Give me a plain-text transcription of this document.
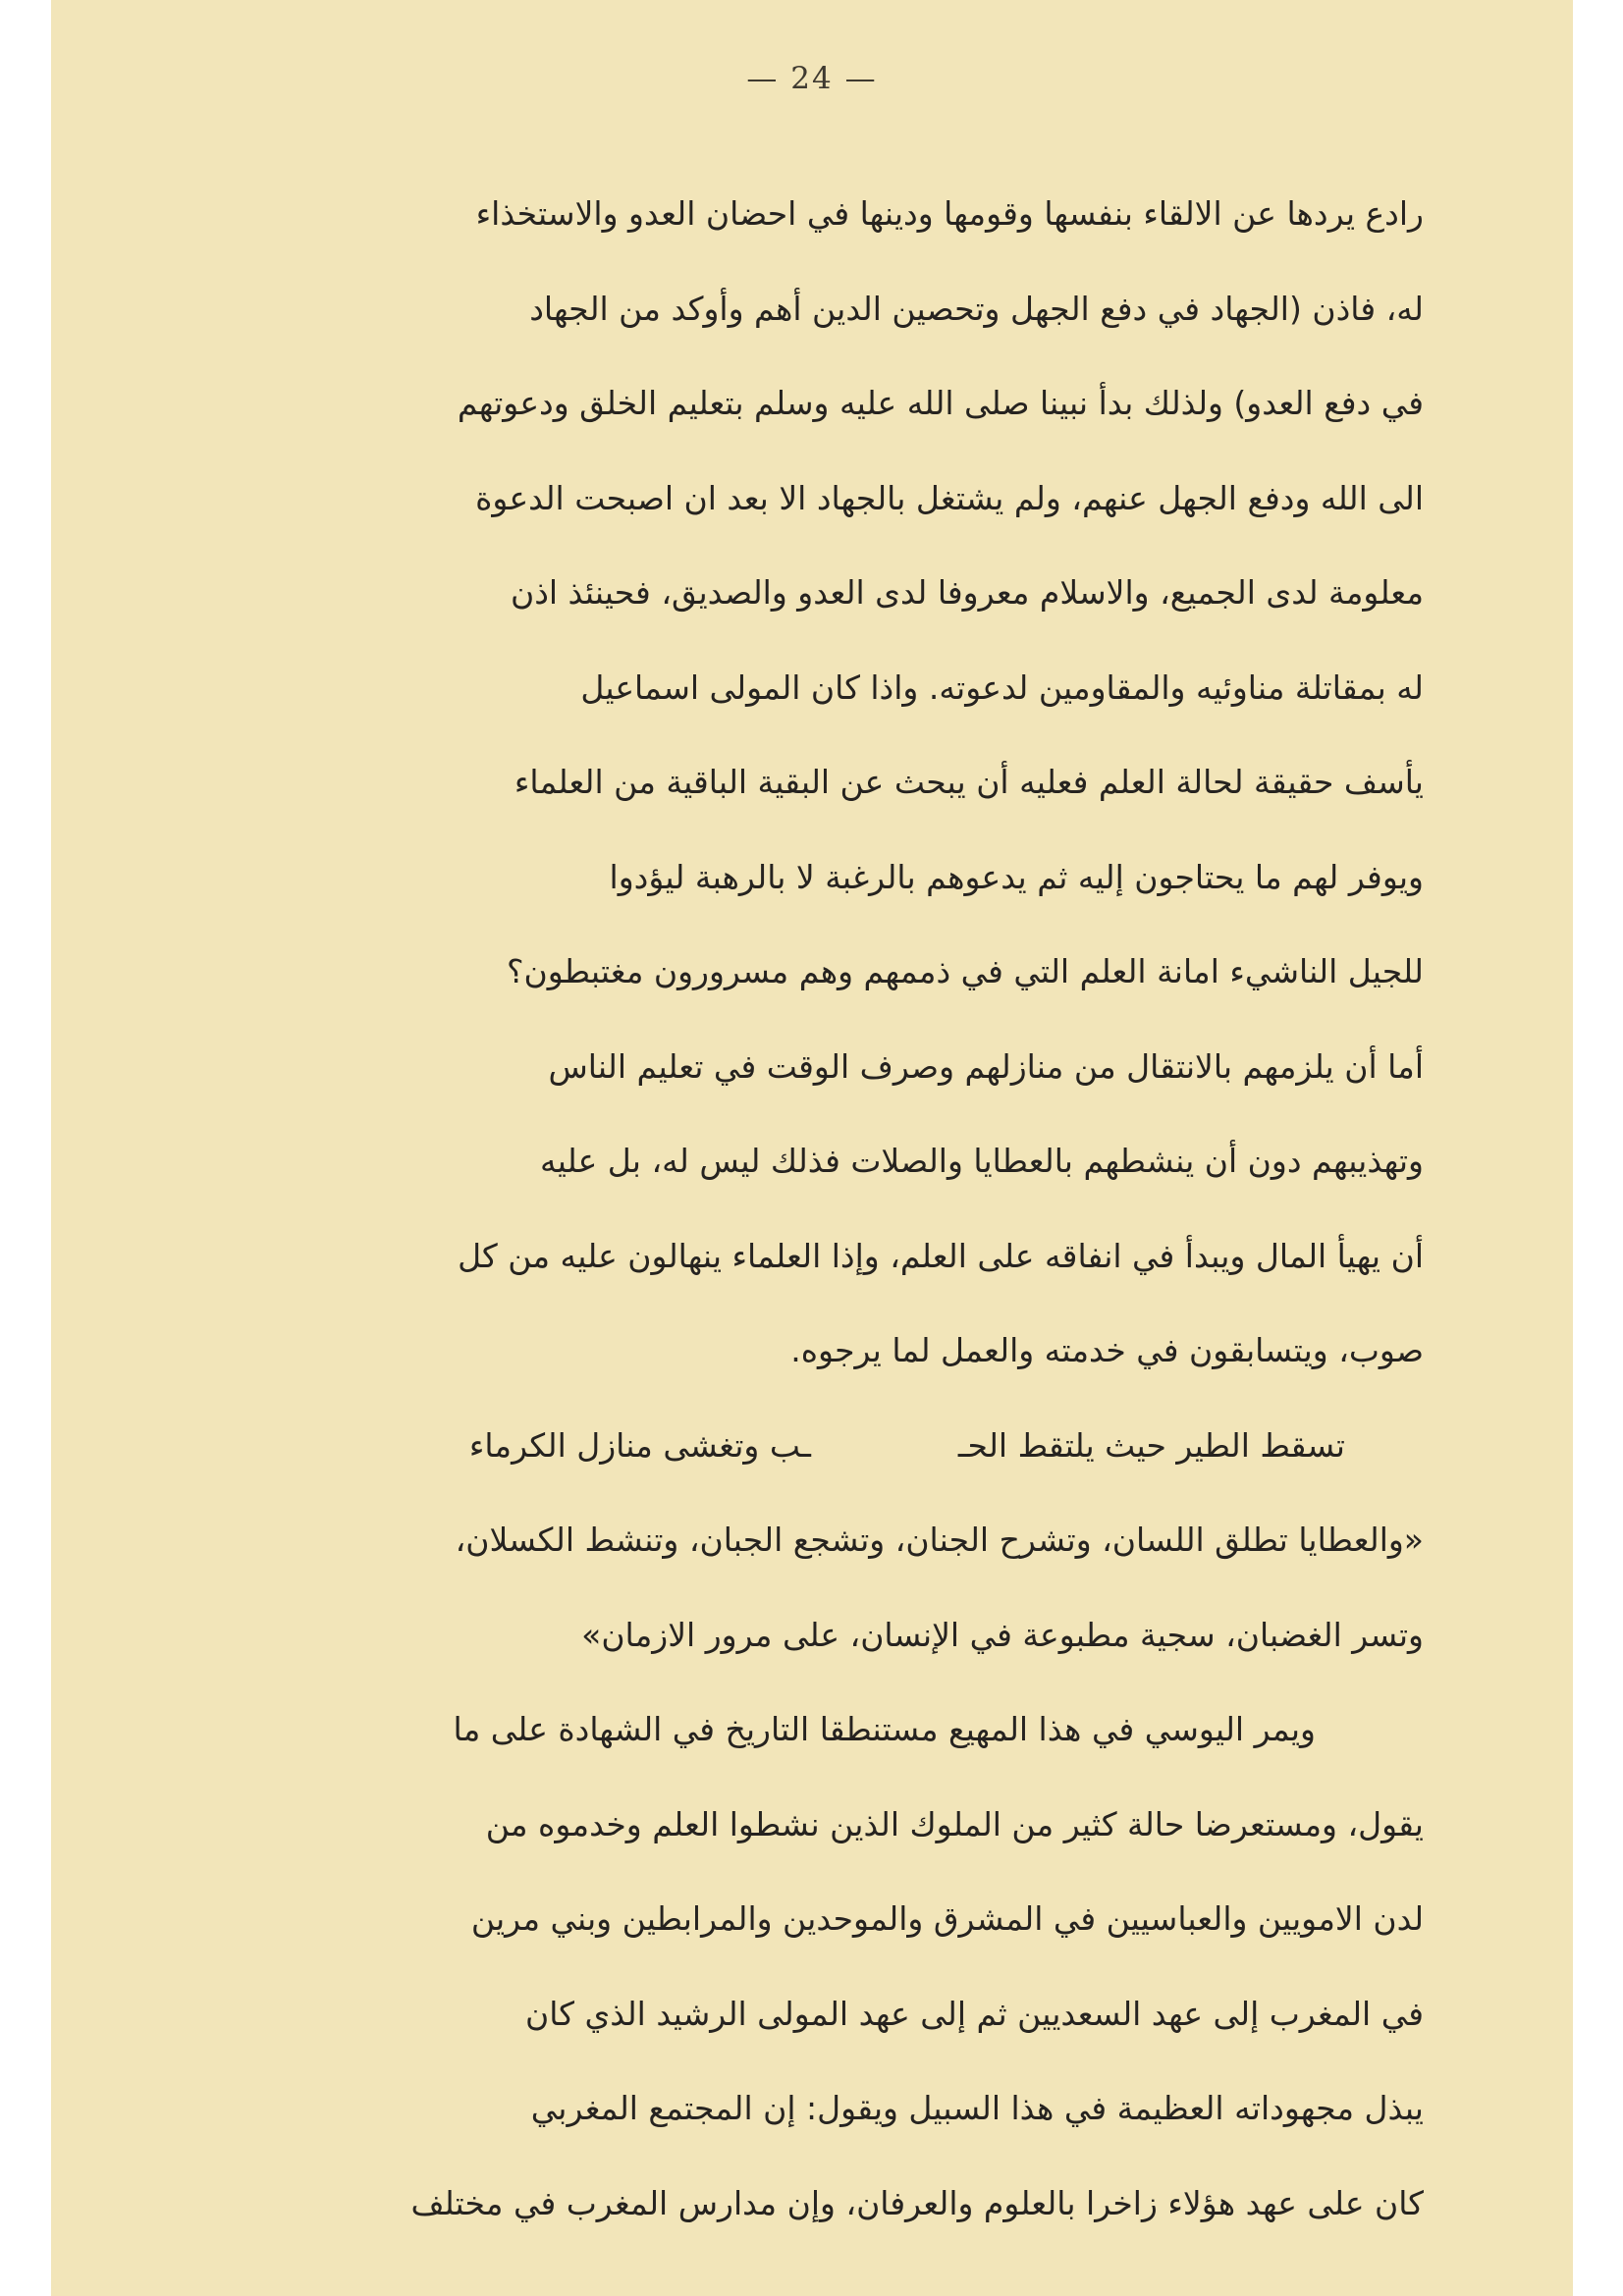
— 24 —
رادع يردها عن الالقاء بنفسها وقومها ودينها في احضان العدو والاستخذاء
له، فاذن (الجهاد في دفع الجهل وتحصين الدين أهم وأوكد من الجهاد
في دفع العدو) ولذلك بدأ نبينا صلى الله عليه وسلم بتعليم الخلق ودعوتهم
الى الله ودفع الجهل عنهم، ولم يشتغل بالجهاد الا بعد ان اصبحت الدعوة
معلومة لدى الجميع، والاسلام معروفا لدى العدو والصديق، فحينئذ اذن
له بمقاتلة مناوئيه والمقاومين لدعوته. واذا كان المولى اسماعيل
يأسف حقيقة لحالة العلم فعليه أن يبحث عن البقية الباقية من العلماء
ويوفر لهم ما يحتاجون إليه ثم يدعوهم بالرغبة لا بالرهبة ليؤدوا
للجيل الناشيء امانة العلم التي في ذممهم وهم مسرورون مغتبطون؟
أما أن يلزمهم بالانتقال من منازلهم وصرف الوقت في تعليم الناس
وتهذيبهم دون أن ينشطهم بالعطايا والصلات فذلك ليس له، بل عليه
أن يهيأ المال ويبدأ في انفاقه على العلم، وإذا العلماء ينهالون عليه من كل
صوب، ويتسابقون في خدمته والعمل لما يرجوه.
تسقط الطير حيث يلتقط الحــب وتغشى منازل الكرماء
«والعطايا تطلق اللسان، وتشرح الجنان، وتشجع الجبان، وتنشط الكسلان،
وتسر الغضبان، سجية مطبوعة في الإنسان، على مرور الازمان»
ويمر اليوسي في هذا المهيع مستنطقا التاريخ في الشهادة على ما
يقول، ومستعرضا حالة كثير من الملوك الذين نشطوا العلم وخدموه من
لدن الامويين والعباسيين في المشرق والموحدين والمرابطين وبني مرين
في المغرب إلى عهد السعديين ثم إلى عهد المولى الرشيد الذي كان
يبذل مجهوداته العظيمة في هذا السبيل ويقول: إن المجتمع المغربي
كان على عهد هؤلاء زاخرا بالعلوم والعرفان، وإن مدارس المغرب في مختلف
